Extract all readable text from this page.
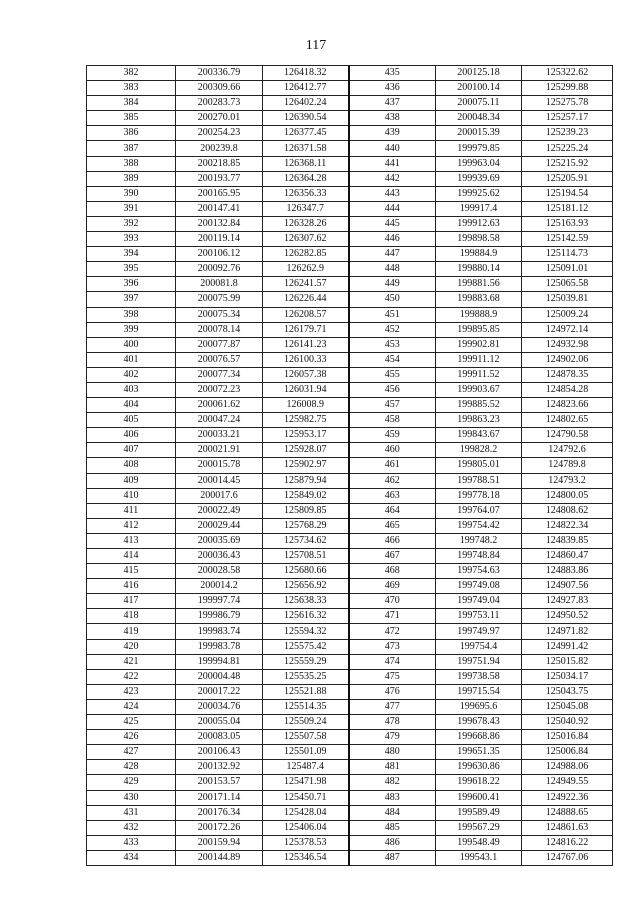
117
382	200336.79	126418.32	435	200125.18	125322.62
383	200309.66	126412.77	436	200100.14	125299.88
384	200283.73	126402.24	437	200075.11	125275.78
385	200270.01	126390.54	438	200048.34	125257.17
386	200254.23	126377.45	439	200015.39	125239.23
387	200239.8	126371.58	440	199979.85	125225.24
388	200218.85	126368.11	441	199963.04	125215.92
389	200193.77	126364.28	442	199939.69	125205.91
390	200165.95	126356.33	443	199925.62	125194.54
391	200147.41	126347.7	444	199917.4	125181.12
392	200132.84	126328.26	445	199912.63	125163.93
393	200119.14	126307.62	446	199898.58	125142.59
394	200106.12	126282.85	447	199884.9	125114.73
395	200092.76	126262.9	448	199880.14	125091.01
396	200081.8	126241.57	449	199881.56	125065.58
397	200075.99	126226.44	450	199883.68	125039.81
398	200075.34	126208.57	451	199888.9	125009.24
399	200078.14	126179.71	452	199895.85	124972.14
400	200077.87	126141.23	453	199902.81	124932.98
401	200076.57	126100.33	454	199911.12	124902.06
402	200077.34	126057.38	455	199911.52	124878.35
403	200072.23	126031.94	456	199903.67	124854.28
404	200061.62	126008.9	457	199885.52	124823.66
405	200047.24	125982.75	458	199863.23	124802.65
406	200033.21	125953.17	459	199843.67	124790.58
407	200021.91	125928.07	460	199828.2	124792.6
408	200015.78	125902.97	461	199805.01	124789.8
409	200014.45	125879.94	462	199788.51	124793.2
410	200017.6	125849.02	463	199778.18	124800.05
411	200022.49	125809.85	464	199764.07	124808.62
412	200029.44	125768.29	465	199754.42	124822.34
413	200035.69	125734.62	466	199748.2	124839.85
414	200036.43	125708.51	467	199748.84	124860.47
415	200028.58	125680.66	468	199754.63	124883.86
416	200014.2	125656.92	469	199749.08	124907.56
417	199997.74	125638.33	470	199749.04	124927.83
418	199986.79	125616.32	471	199753.11	124950.52
419	199983.74	125594.32	472	199749.97	124971.82
420	199983.78	125575.42	473	199754.4	124991.42
421	199994.81	125559.29	474	199751.94	125015.82
422	200004.48	125535.25	475	199738.58	125034.17
423	200017.22	125521.88	476	199715.54	125043.75
424	200034.76	125514.35	477	199695.6	125045.08
425	200055.04	125509.24	478	199678.43	125040.92
426	200083.05	125507.58	479	199668.86	125016.84
427	200106.43	125501.09	480	199651.35	125006.84
428	200132.92	125487.4	481	199630.86	124988.06
429	200153.57	125471.98	482	199618.22	124949.55
430	200171.14	125450.71	483	199600.41	124922.36
431	200176.34	125428.04	484	199589.49	124888.65
432	200172.26	125406.04	485	199567.29	124861.63
433	200159.94	125378.53	486	199548.49	124816.22
434	200144.89	125346.54	487	199543.1	124767.06
